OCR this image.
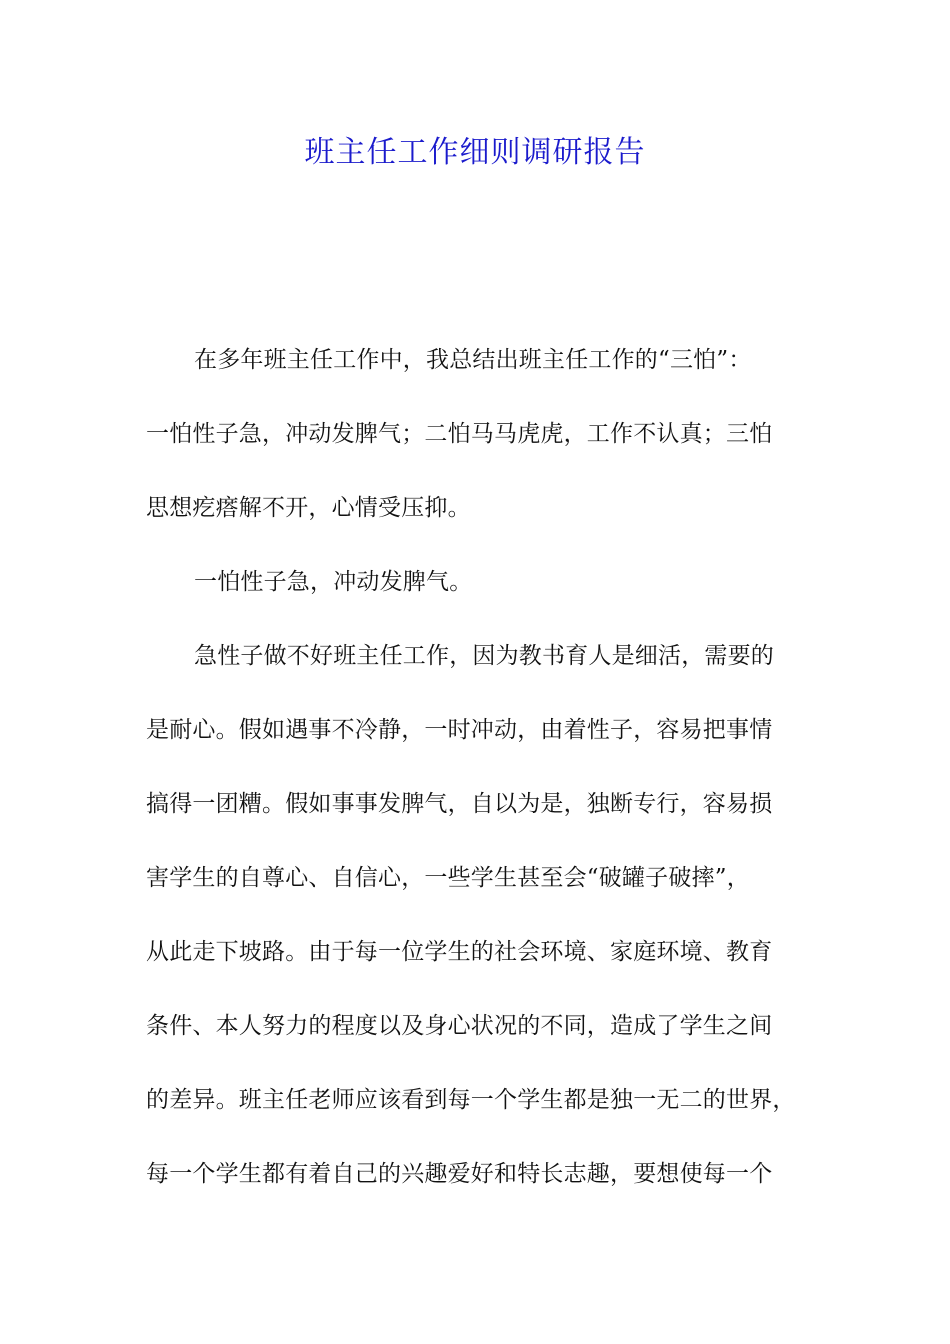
班主任工作细则调研报告
在多年班主任工作中，我总结出班主任工作的“三怕”：
一怕性子急，冲动发脾气；二怕马马虎虎，工作不认真；三怕
思想疙瘩解不开，心情受压抑。
一怕性子急，冲动发脾气。
急性子做不好班主任工作，因为教书育人是细活，需要的
是耐心。假如遇事不冷静，一时冲动，由着性子，容易把事情
搞得一团糟。假如事事发脾气，自以为是，独断专行，容易损
害学生的自尊心、自信心，一些学生甚至会“破罐子破摔”，
从此走下坡路。由于每一位学生的社会环境、家庭环境、教育
条件、本人努力的程度以及身心状况的不同，造成了学生之间
的差异。班主任老师应该看到每一个学生都是独一无二的世界，
每一个学生都有着自己的兴趣爱好和特长志趣，要想使每一个
